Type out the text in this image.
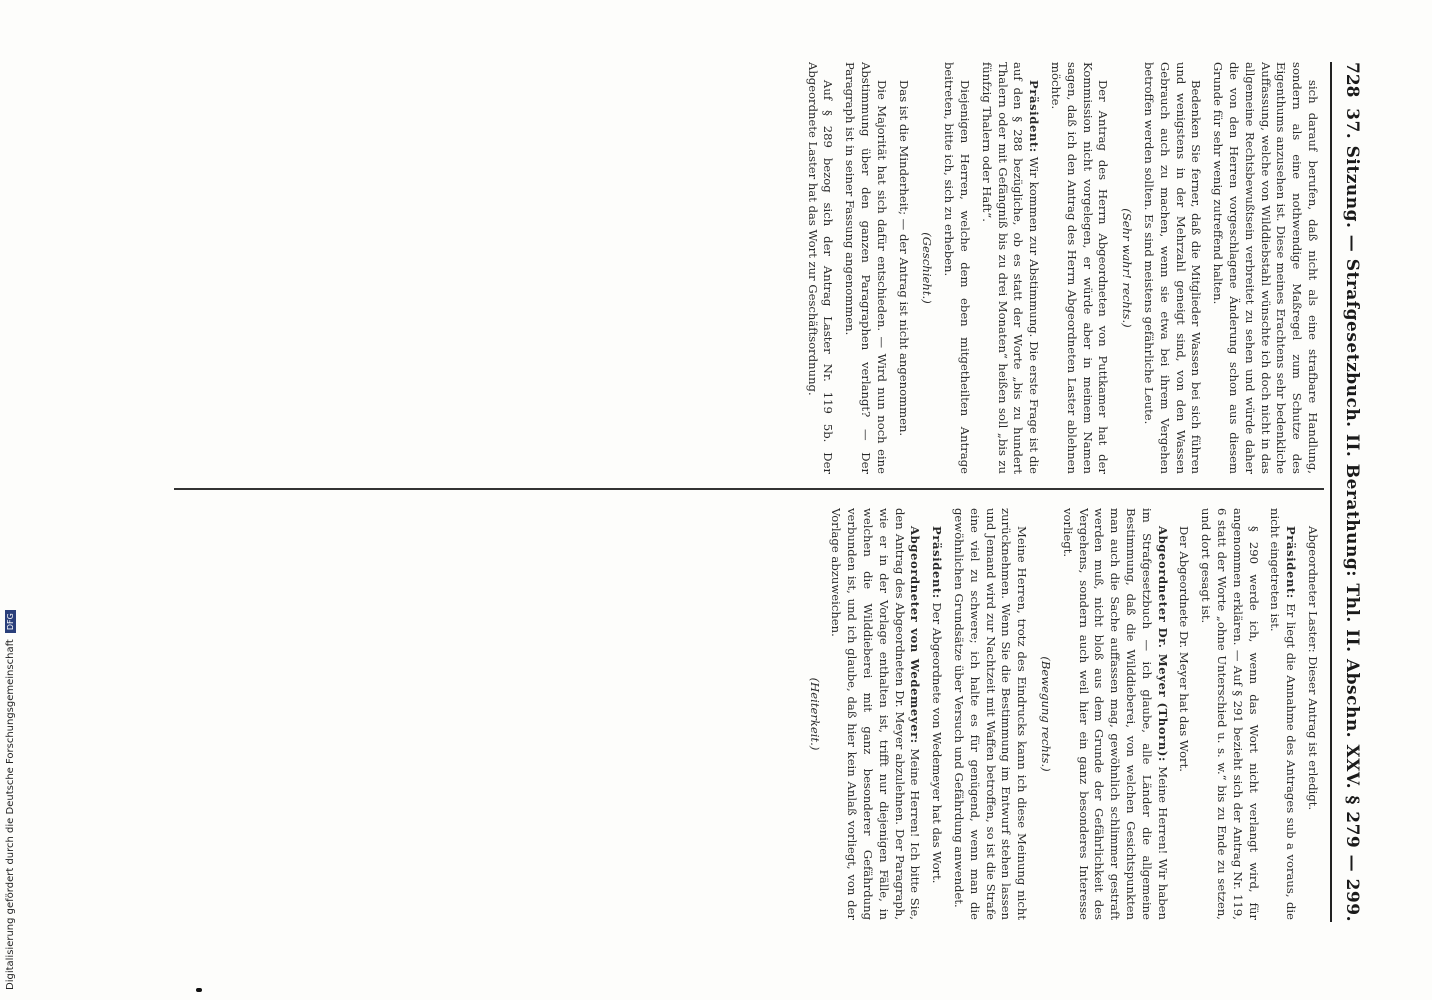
728
37. Sitzung. — Strafgesetzbuch. II. Berathung: Thl. II. Abschn. XXV. § 279 — 299.

sich darauf berufen, daß nicht als eine strafbare Handlung, sondern als eine nothwendige Maßregel zum Schutze des Eigenthums anzusehen ist. Diese meines Erachtens sehr bedenkliche Auffassung, welche von Wilddiebstahl wünschte ich doch nicht in das allgemeine Rechtsbewußtsein verbreitet zu sehen und würde daher die von den Herren vorgeschlagene Änderung schon aus diesem Grunde für sehr wenig zutreffend halten.

Bedenken Sie ferner, daß die Mitglieder Wassen bei sich führen und wenigstens in der Mehrzahl geneigt sind, von den Wassen Gebrauch auch zu machen, wenn sie etwa bei ihrem Vergehen betroffen werden sollten. Es sind meistens gefährliche Leute.

(Sehr wahr! rechts.)

Der Antrag des Herrn Abgeordneten von Puttkamer hat der Kommission nicht vorgelegen, er würde aber in meinem Namen sagen, daß ich den Antrag des Herrn Abgeordneten Laster ablehnen möchte.

Präsident: Wir kommen zur Abstimmung. Die erste Frage ist die auf den § 288 bezügliche, ob es statt der Worte „bis zu hundert Thalern oder mit Gefängniß bis zu drei Monaten“ heißen soll „bis zu fünfzig Thalern oder Haft“.

Diejenigen Herren, welche dem eben mitgetheilten Antrage beitreten, bitte ich, sich zu erheben.

(Geschieht.)

Das ist die Minderheit; — der Antrag ist nicht angenommen.

Die Majorität hat sich dafür entschieden. — Wird nun noch eine Abstimmung über den ganzen Paragraphen verlangt? — Der Paragraph ist in seiner Fassung angenommen.

Auf § 289 bezog sich der Antrag Laster Nr. 119 5b. Der Abgeordnete Laster hat das Wort zur Geschäftsordnung.

Abgeordneter Laster: Dieser Antrag ist erledigt.

Präsident: Er liegt die Annahme des Antrages sub a voraus, die nicht eingetreten ist.

§ 290 werde ich, wenn das Wort nicht verlangt wird, für angenommen erklären. — Auf § 291 bezieht sich der Antrag Nr. 119, 6 statt der Worte „ohne Unterschied u. s. w.“ bis zu Ende zu setzen, und dort gesagt ist.

Der Abgeordnete Dr. Meyer hat das Wort.

Abgeordneter Dr. Meyer (Thorn): Meine Herren! Wir haben im Strafgesetzbuch — ich glaube, alle Länder die allgemeine Bestimmung, daß die Wilddieberei, von welchen Gesichtspunkten man auch die Sache auffassen mag, gewöhnlich schlimmer gestraft werden muß, nicht bloß aus dem Grunde der Gefährlichkeit des Vergehens, sondern auch weil hier ein ganz besonderes Interesse vorliegt.

(Bewegung rechts.)

Meine Herren, trotz des Eindrucks kann ich diese Meinung nicht zurücknehmen. Wenn Sie die Bestimmung im Entwurf stehen lassen und Jemand wird zur Nachtzeit mit Waffen betroffen, so ist die Strafe eine viel zu schwere; ich halte es für genügend, wenn man die gewöhnlichen Grundsätze über Versuch und Gefährdung anwendet.

Präsident: Der Abgeordnete von Wedemeyer hat das Wort.

Abgeordneter von Wedemeyer: Meine Herren! Ich bitte Sie, den Antrag des Abgeordneten Dr. Meyer abzulehnen. Der Paragraph, wie er in der Vorlage enthalten ist, trifft nur diejenigen Fälle, in welchen die Wilddieberei mit ganz besonderer Gefährdung verbunden ist, und ich glaube, daß hier kein Anlaß vorliegt, von der Vorlage abzuweichen.

(Heiterkeit.)

Digitalisierung gefördert durch die Deutsche Forschungsgemeinschaft
DFG
